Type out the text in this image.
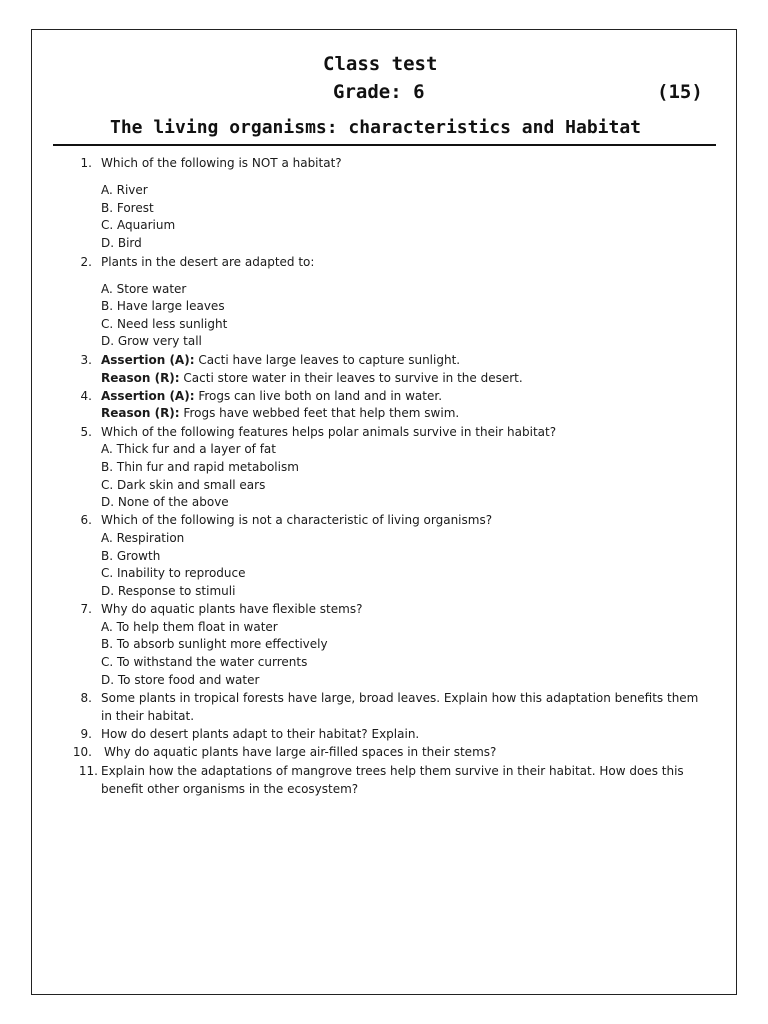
Class test
Grade: 6	(15)
The living organisms: characteristics and Habitat
1. Which of the following is NOT a habitat?
A. River
B. Forest
C. Aquarium
D. Bird
2. Plants in the desert are adapted to:
A. Store water
B. Have large leaves
C. Need less sunlight
D. Grow very tall
3. Assertion (A): Cacti have large leaves to capture sunlight.
Reason (R): Cacti store water in their leaves to survive in the desert.
4. Assertion (A): Frogs can live both on land and in water.
Reason (R): Frogs have webbed feet that help them swim.
5. Which of the following features helps polar animals survive in their habitat?
A. Thick fur and a layer of fat
B. Thin fur and rapid metabolism
C. Dark skin and small ears
D. None of the above
6. Which of the following is not a characteristic of living organisms?
A. Respiration
B. Growth
C. Inability to reproduce
D. Response to stimuli
7. Why do aquatic plants have flexible stems?
A. To help them float in water
B. To absorb sunlight more effectively
C. To withstand the water currents
D. To store food and water
8. Some plants in tropical forests have large, broad leaves. Explain how this adaptation benefits them
in their habitat.
9. How do desert plants adapt to their habitat? Explain.
10. Why do aquatic plants have large air-filled spaces in their stems?
11. Explain how the adaptations of mangrove trees help them survive in their habitat. How does this
benefit other organisms in the ecosystem?
